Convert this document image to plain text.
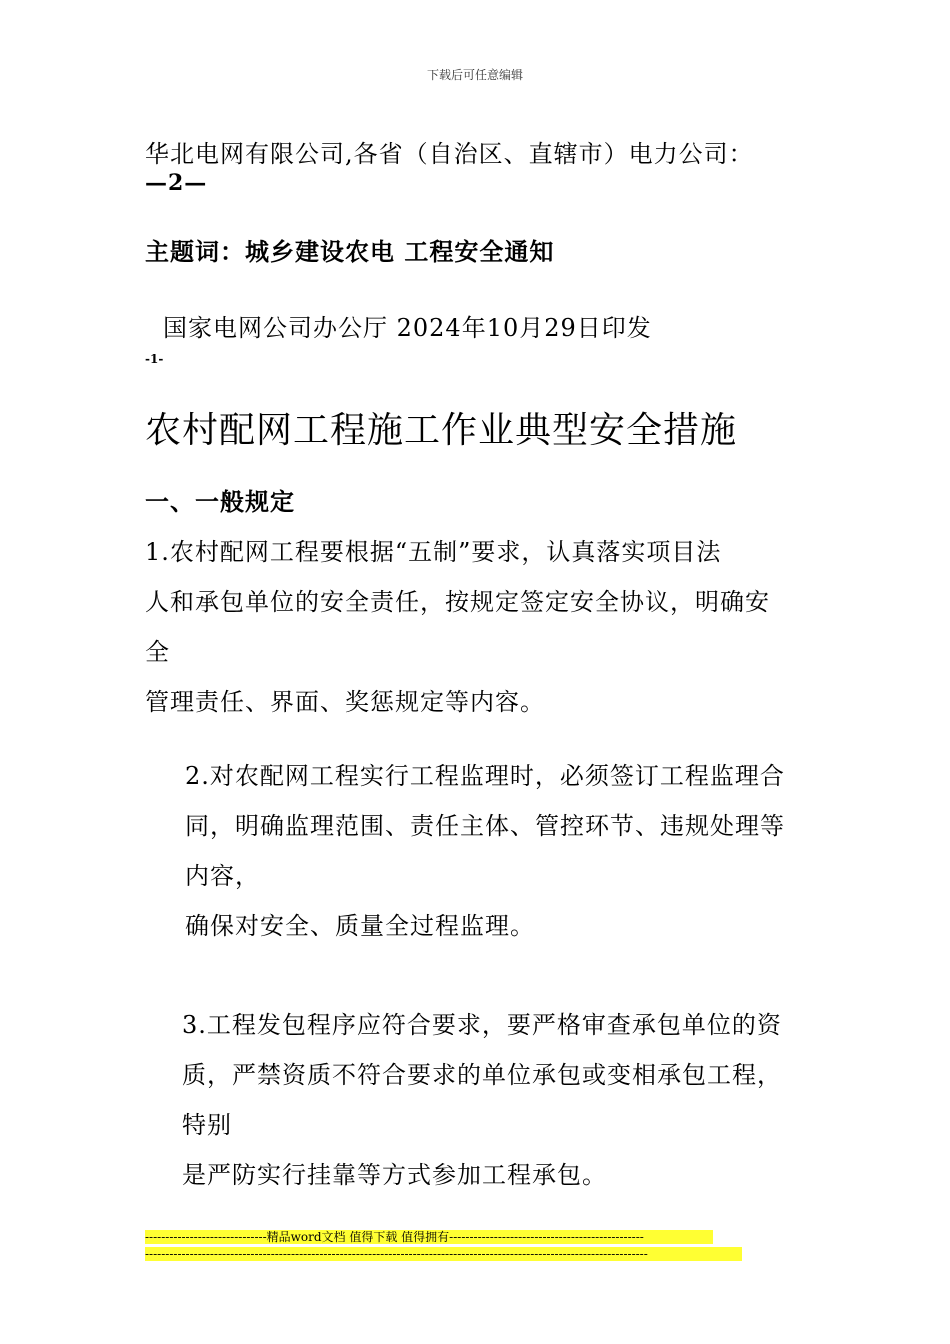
下载后可任意编辑
华北电网有限公司,各省（自治区、直辖市）电力公司：
—2—
主题词：城乡建设农电 工程安全通知
国家电网公司办公厅 2024年10月29日印发
-1-
农村配网工程施工作业典型安全措施
一、一般规定
1.农村配网工程要根据“五制”要求，认真落实项目法
人和承包单位的安全责任，按规定签定安全协议，明确安
全
管理责任、界面、奖惩规定等内容。
2.对农配网工程实行工程监理时，必须签订工程监理合
同，明确监理范围、责任主体、管控环节、违规处理等
内容，
确保对安全、质量全过程监理。
3.工程发包程序应符合要求，要严格审查承包单位的资
质，严禁资质不符合要求的单位承包或变相承包工程，
特别
是严防实行挂靠等方式参加工程承包。
------------------------------精品word文档 值得下载 值得拥有------------------------------------------------
----------------------------------------------------------------------------------------------------------------------------
